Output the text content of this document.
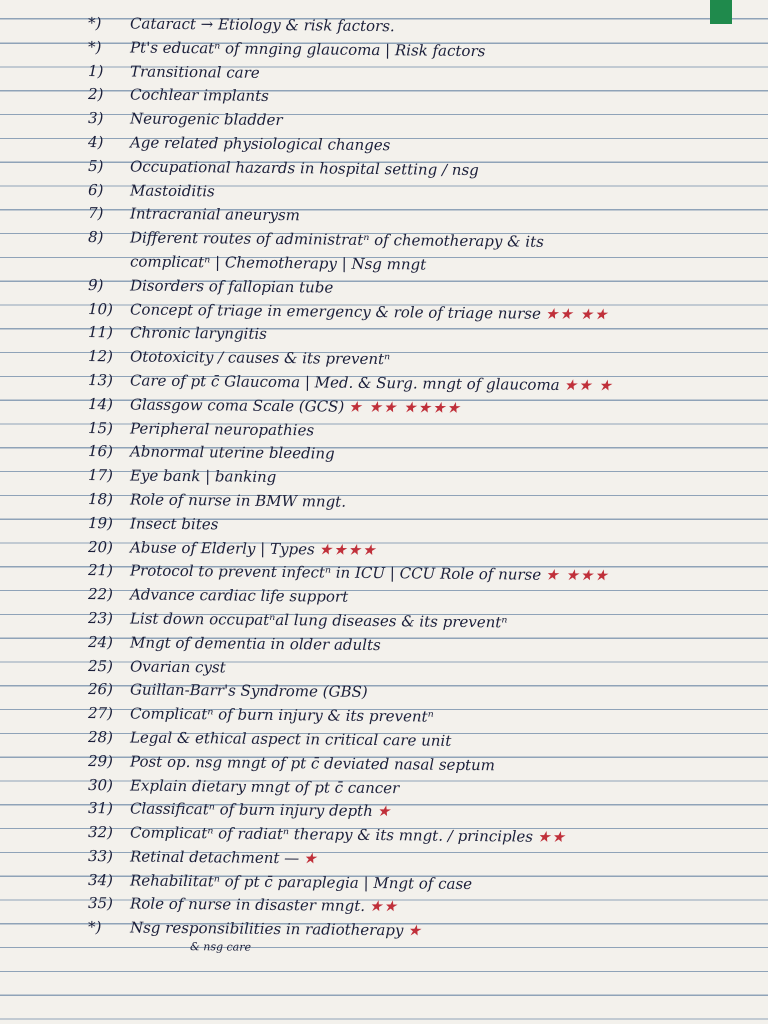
*) Cataract → Etiology & risk factors.
*) Pt's educatⁿ of mnging glaucoma | Risk factors
1) Transitional care
2) Cochlear implants
3) Neurogenic bladder
4) Age related physiological changes
5) Occupational hazards in hospital setting / nsg
6) Mastoiditis
7) Intracranial aneurysm
8) Different routes of administratⁿ of chemotherapy & its
complicatⁿ | Chemotherapy | Nsg mngt
9) Disorders of fallopian tube
10) Concept of triage in emergency & role of triage nurse ★★ ★★
11) Chronic laryngitis
12) Ototoxicity / causes & its preventⁿ
13) Care of pt c̄ Glaucoma | Med. & Surg. mngt of glaucoma ★★ ★
14) Glassgow coma Scale (GCS) ★ ★★ ★★★★
15) Peripheral neuropathies
16) Abnormal uterine bleeding
17) Eye bank | banking
18) Role of nurse in BMW mngt.
19) Insect bites
20) Abuse of Elderly | Types ★★★★
21) Protocol to prevent infectⁿ in ICU | CCU Role of nurse ★ ★★★
22) Advance cardiac life support
23) List down occupatⁿal lung diseases & its preventⁿ
24) Mngt of dementia in older adults
25) Ovarian cyst
26) Guillan-Barr's Syndrome (GBS)
27) Complicatⁿ of burn injury & its preventⁿ
28) Legal & ethical aspect in critical care unit
29) Post op. nsg mngt of pt c̄ deviated nasal septum
30) Explain dietary mngt of pt c̄ cancer
31) Classificatⁿ of burn injury depth ★
32) Complicatⁿ of radiatⁿ therapy & its mngt. / principles ★★
33) Retinal detachment — ★
34) Rehabilitatⁿ of pt c̄ paraplegia | Mngt of case
35) Role of nurse in disaster mngt. ★★
*) Nsg responsibilities in radiotherapy ★
& nsg care
